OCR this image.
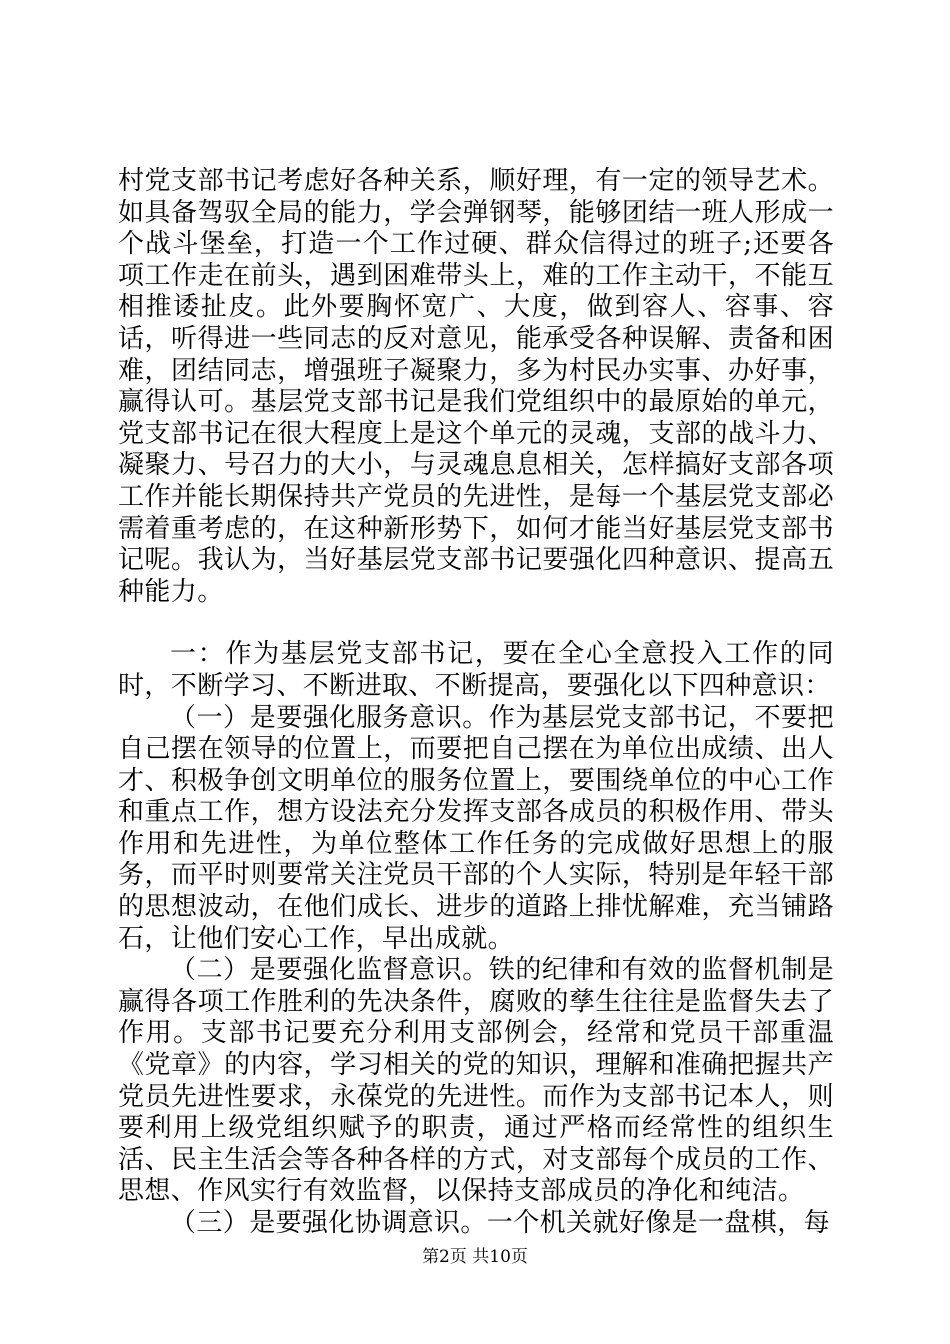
村党支部书记考虑好各种关系，顺好理，有一定的领导艺术。如具备驾驭全局的能力，学会弹钢琴，能够团结一班人形成一个战斗堡垒，打造一个工作过硬、群众信得过的班子;还要各项工作走在前头，遇到困难带头上，难的工作主动干，不能互相推诿扯皮。此外要胸怀宽广、大度，做到容人、容事、容话，听得进一些同志的反对意见，能承受各种误解、责备和困难，团结同志，增强班子凝聚力，多为村民办实事、办好事，赢得认可。基层党支部书记是我们党组织中的最原始的单元，党支部书记在很大程度上是这个单元的灵魂，支部的战斗力、凝聚力、号召力的大小，与灵魂息息相关，怎样搞好支部各项工作并能长期保持共产党员的先进性，是每一个基层党支部必需着重考虑的，在这种新形势下，如何才能当好基层党支部书记呢。我认为，当好基层党支部书记要强化四种意识、提高五种能力。

一：作为基层党支部书记，要在全心全意投入工作的同时，不断学习、不断进取、不断提高，要强化以下四种意识：

（一）是要强化服务意识。作为基层党支部书记，不要把自己摆在领导的位置上，而要把自己摆在为单位出成绩、出人才、积极争创文明单位的服务位置上，要围绕单位的中心工作和重点工作，想方设法充分发挥支部各成员的积极作用、带头作用和先进性，为单位整体工作任务的完成做好思想上的服务，而平时则要常关注党员干部的个人实际，特别是年轻干部的思想波动，在他们成长、进步的道路上排忧解难，充当铺路石，让他们安心工作，早出成就。

（二）是要强化监督意识。铁的纪律和有效的监督机制是赢得各项工作胜利的先决条件，腐败的孳生往往是监督失去了作用。支部书记要充分利用支部例会，经常和党员干部重温《党章》的内容，学习相关的党的知识，理解和准确把握共产党员先进性要求，永葆党的先进性。而作为支部书记本人，则要利用上级党组织赋予的职责，通过严格而经常性的组织生活、民主生活会等各种各样的方式，对支部每个成员的工作、思想、作风实行有效监督，以保持支部成员的净化和纯洁。

（三）是要强化协调意识。一个机关就好像是一盘棋，每

第2页 共10页
